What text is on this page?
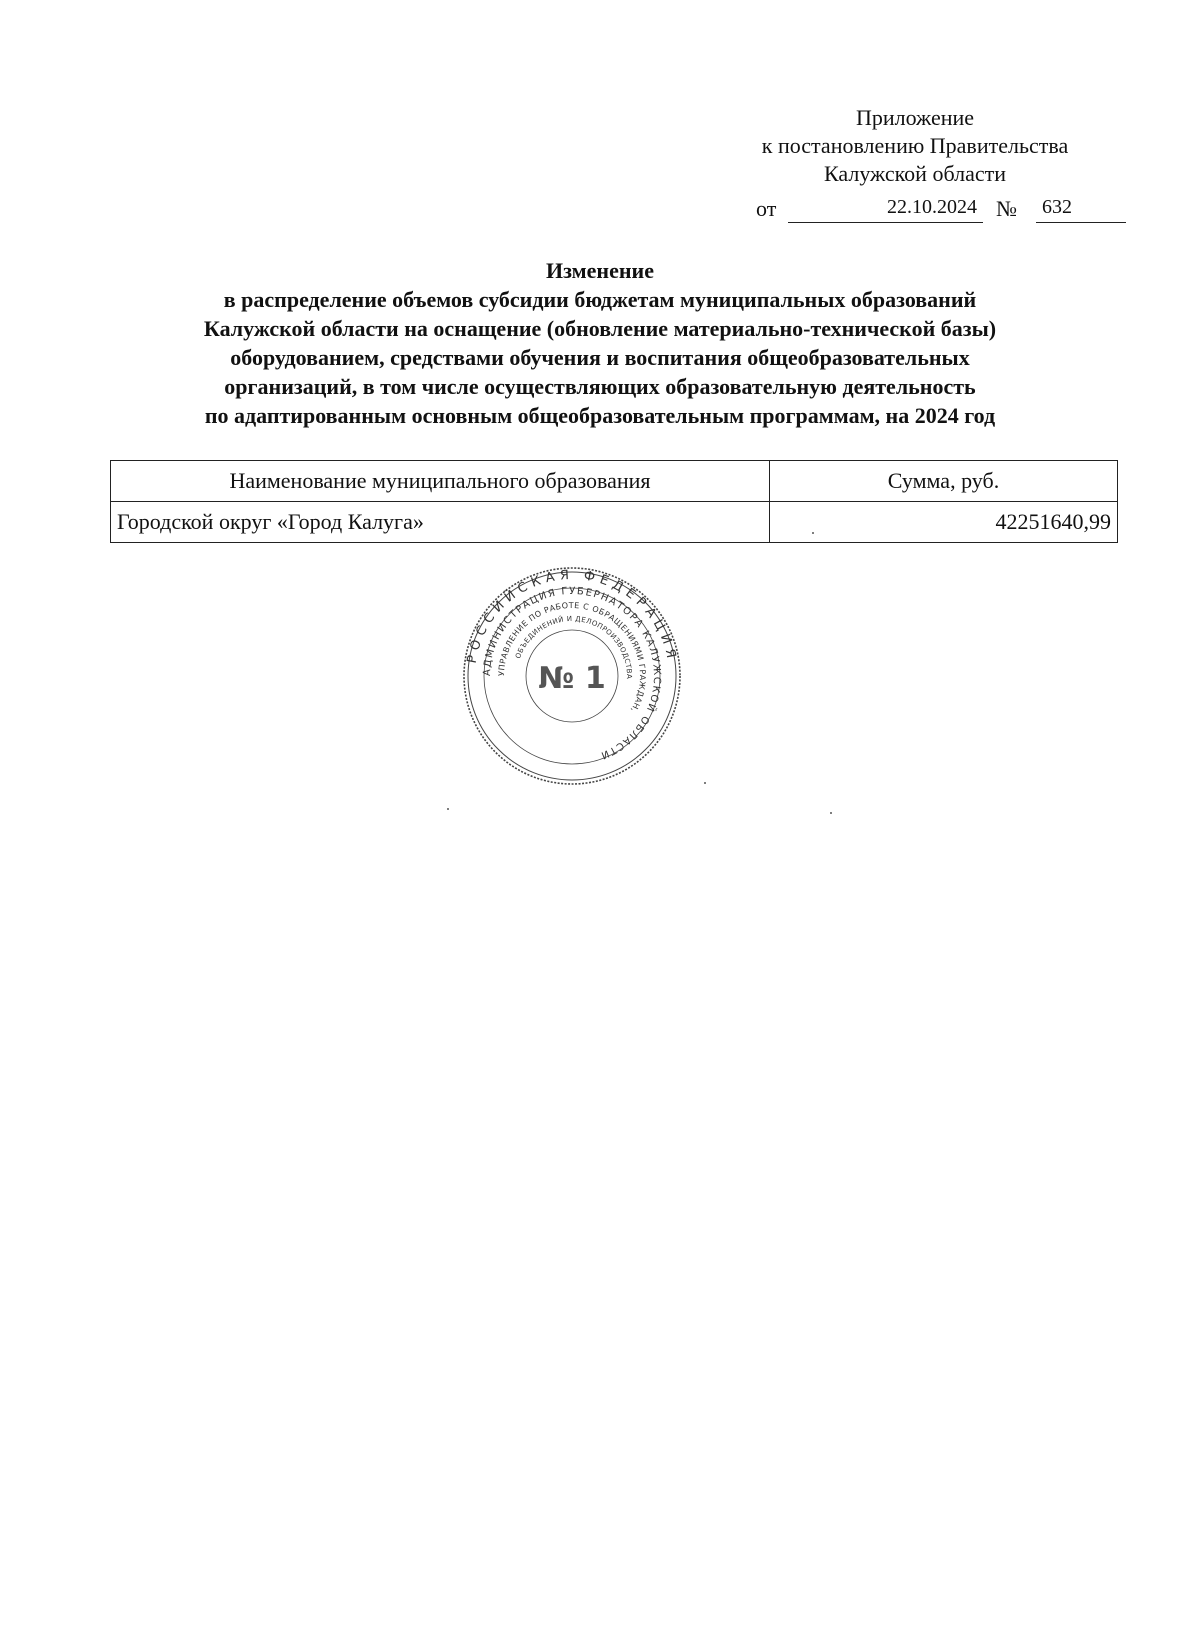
Приложение
к постановлению Правительства
Калужской области
от	22.10.2024 №	632
Изменение
в распределение объемов субсидии бюджетам муниципальных образований
Калужской области на оснащение (обновление материально-технической базы)
оборудованием, средствами обучения и воспитания общеобразовательных
организаций, в том числе осуществляющих образовательную деятельность
по адаптированным основным общеобразовательным программам, на 2024 год
Наименование муниципального образования	Сумма, руб.
Городской округ «Город Калуга»	42251640,99
РОССИЙСКАЯ ФЕДЕРАЦИЯ
АДМИНИСТРАЦИЯ ГУБЕРНАТОРА КАЛУЖСКОЙ ОБЛАСТИ
УПРАВЛЕНИЕ ПО РАБОТЕ С ОБРАЩЕНИЯМИ ГРАЖДАН,
ОБЪЕДИНЕНИЙ И ДЕЛОПРОИЗВОДСТВА
№ 1
